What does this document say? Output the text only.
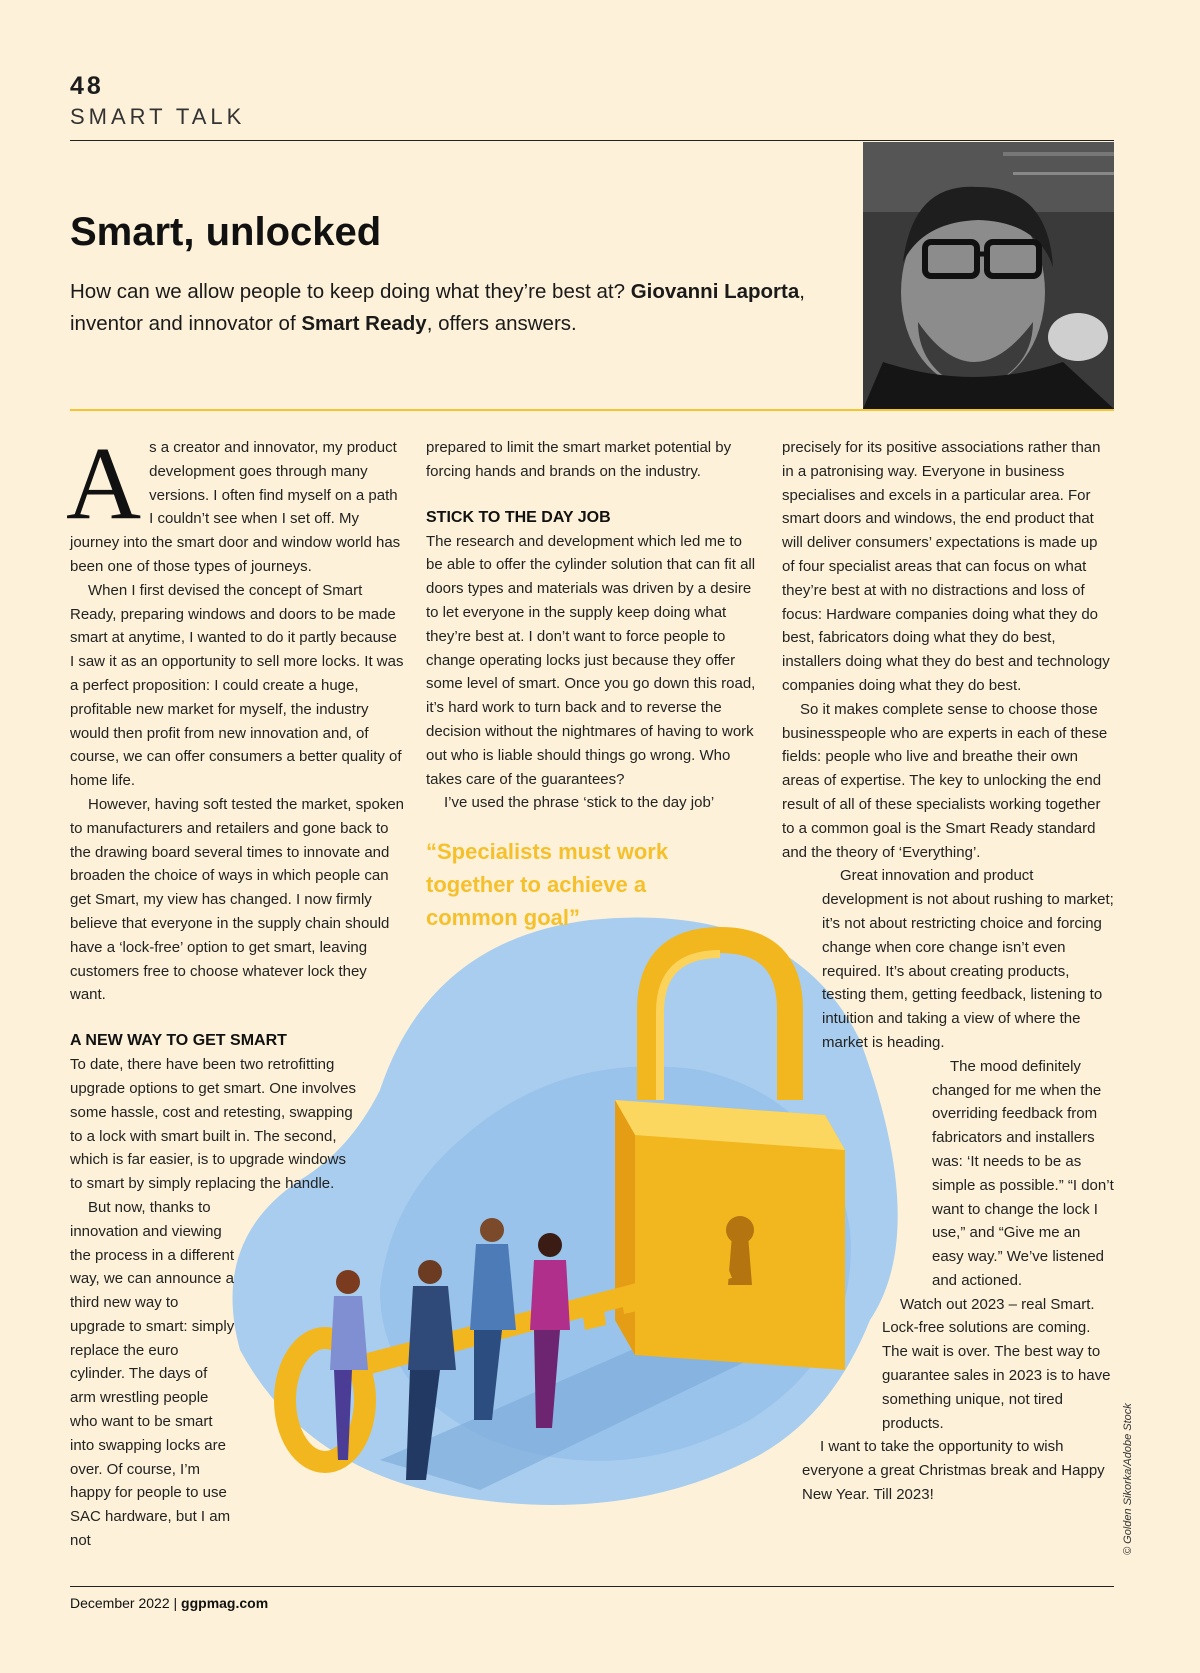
48
SMART TALK
Smart, unlocked

How can we allow people to keep doing what they’re best at? Giovanni Laporta, inventor and innovator of Smart Ready, offers answers.

A s a creator and innovator, my product development goes through many versions. I often find myself on a path I couldn’t see when I set off. My journey into the smart door and window world has been one of those types of journeys.

When I first devised the concept of Smart Ready, preparing windows and doors to be made smart at anytime, I wanted to do it partly because I saw it as an opportunity to sell more locks. It was a perfect proposition: I could create a huge, profitable new market for myself, the industry would then profit from new innovation and, of course, we can offer consumers a better quality of home life.

However, having soft tested the market, spoken to manufacturers and retailers and gone back to the drawing board several times to innovate and broaden the choice of ways in which people can get Smart, my view has changed. I now firmly believe that everyone in the supply chain should have a ‘lock-free’ option to get smart, leaving customers free to choose whatever lock they want.

A NEW WAY TO GET SMART

To date, there have been two retrofitting upgrade options to get smart. One involves some hassle, cost and retesting, swapping to a lock with smart built in. The second, which is far easier, is to upgrade windows to smart by simply replacing the handle.

But now, thanks to innovation and viewing the process in a different way, we can announce a third new way to upgrade to smart: simply replace the euro cylinder. The days of arm wrestling people who want to be smart into swapping locks are over. Of course, I’m happy for people to use SAC hardware, but I am not

prepared to limit the smart market potential by forcing hands and brands on the industry.

STICK TO THE DAY JOB

The research and development which led me to be able to offer the cylinder solution that can fit all doors types and materials was driven by a desire to let everyone in the supply keep doing what they’re best at. I don’t want to force people to change operating locks just because they offer some level of smart. Once you go down this road, it’s hard work to turn back and to reverse the decision without the nightmares of having to work out who is liable should things go wrong. Who takes care of the guarantees?

I’ve used the phrase ‘stick to the day job’

“Specialists must work together to achieve a common goal”

precisely for its positive associations rather than in a patronising way. Everyone in business specialises and excels in a particular area. For smart doors and windows, the end product that will deliver consumers’ expectations is made up of four specialist areas that can focus on what they’re best at with no distractions and loss of focus: Hardware companies doing what they do best, fabricators doing what they do best, installers doing what they do best and technology companies doing what they do best.

So it makes complete sense to choose those businesspeople who are experts in each of these fields: people who live and breathe their own areas of expertise. The key to unlocking the end result of all of these specialists working together to a common goal is the Smart Ready standard and the theory of ‘Everything’.

Great innovation and product development is not about rushing to market; it’s not about restricting choice and forcing change when core change isn’t even required. It’s about creating products, testing them, getting feedback, listening to intuition and taking a view of where the market is heading.

The mood definitely changed for me when the overriding feedback from fabricators and installers was: ‘It needs to be as simple as possible.” “I don’t want to change the lock I use,” and “Give me an easy way.” We’ve listened and actioned.

Watch out 2023 – real Smart. Lock-free solutions are coming. The wait is over. The best way to guarantee sales in 2023 is to have something unique, not tired products.

I want to take the opportunity to wish everyone a great Christmas break and Happy New Year. Till 2023!	© Golden Sikorka/Adobe Stock
December 2022 | ggpmag.com
